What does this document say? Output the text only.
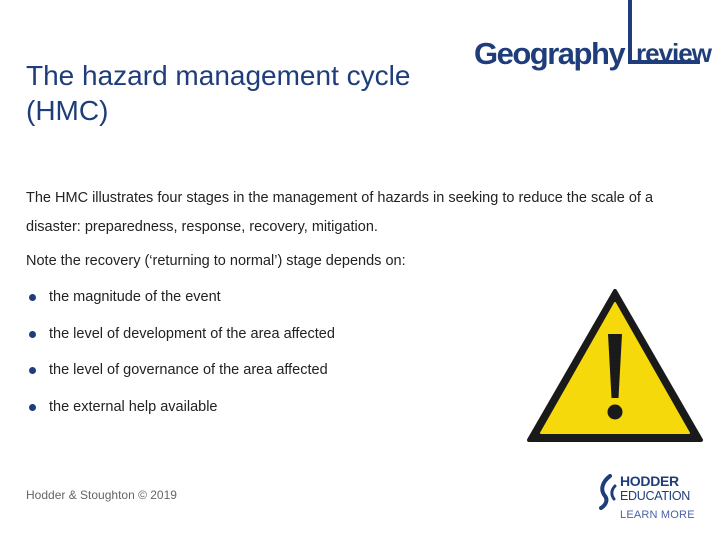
The hazard management cycle (HMC)
Geography review

The HMC illustrates four stages in the management of hazards in seeking to reduce the scale of a disaster: preparedness, response, recovery, mitigation.

Note the recovery (‘returning to normal’) stage depends on:

the magnitude of the event
the level of development of the area affected
the level of governance of the area affected
the external help available
Hodder & Stoughton © 2019
HODDER
EDUCATION
LEARN MORE
